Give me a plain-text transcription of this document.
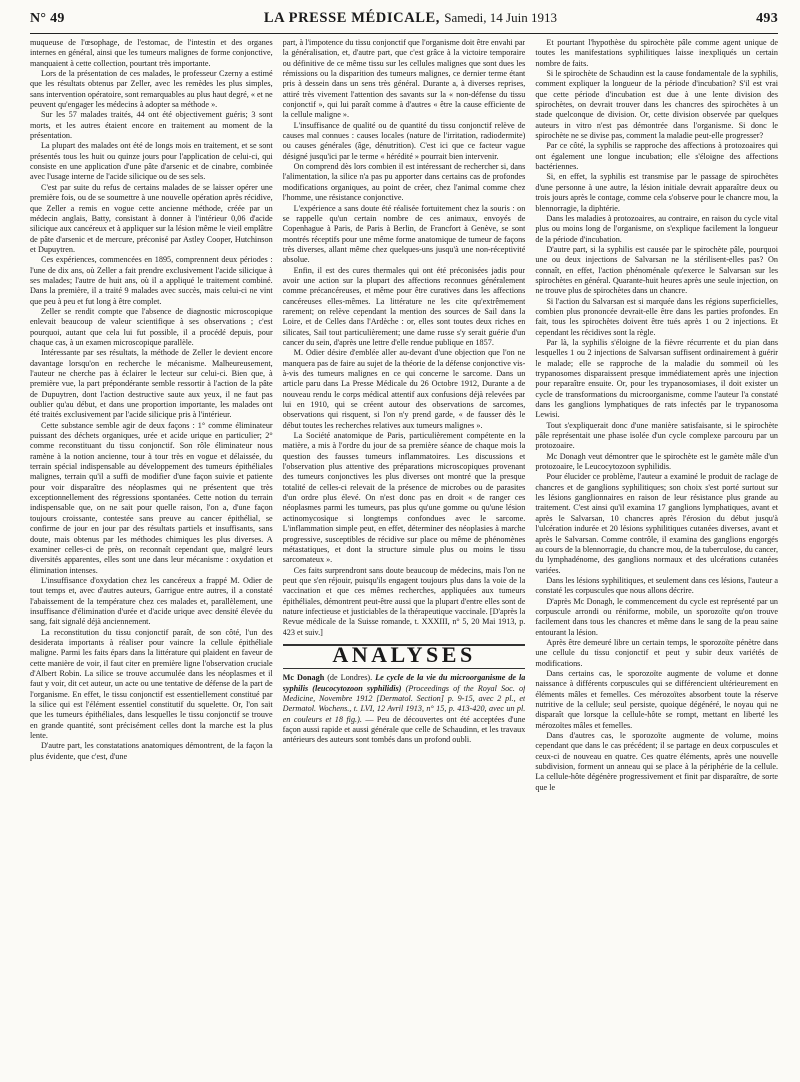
N° 49	LA PRESSE MÉDICALE, Samedi, 14 Juin 1913	493

muqueuse de l'œsophage, de l'estomac, de l'intestin et des organes internes en général, ainsi que les tumeurs malignes de forme conjonctive, manquaient à cette collection, pourtant très importante.

Lors de la présentation de ces malades, le professeur Czerny a estimé que les résultats obtenus par Zeller, avec les remèdes les plus simples, sans intervention opératoire, sont remarquables au plus haut degré, « et ne peuvent qu'engager les médecins à adopter sa méthode ».

Sur les 57 malades traités, 44 ont été objectivement guéris; 3 sont morts, et les autres étaient encore en traitement au moment de la présentation.

La plupart des malades ont été de longs mois en traitement, et se sont présentés tous les huit ou quinze jours pour l'application de celui-ci, qui consiste en une application d'une pâte d'arsenic et de cinabre, combinée avec l'usage interne de l'acide silicique ou de ses sels.

C'est par suite du refus de certains malades de se laisser opérer une première fois, ou de se soumettre à une nouvelle opération après récidive, que Zeller a remis en vogue cette ancienne méthode, créée par un médecin anglais, Batty, consistant à donner à l'intérieur 0,06 d'acide silicique aux cancéreux et à appliquer sur la lésion même le vieil emplâtre de pâte d'arsenic et de mercure, préconisé par Astley Cooper, Hutchinson et Dupuytren.

Ces expériences, commencées en 1895, comprennent deux périodes : l'une de dix ans, où Zeller a fait prendre exclusivement l'acide silicique à ses malades; l'autre de huit ans, où il a appliqué le traitement combiné. Dans la première, il a traité 9 malades avec succès, mais celui-ci ne vint que peu à peu et fut long à être complet.

Zeller se rendit compte que l'absence de diagnostic microscopique enlevait beaucoup de valeur scientifique à ses observations ; c'est pourquoi, autant que cela lui fut possible, il a procédé depuis, pour chaque cas, à un examen microscopique parallèle.

Intéressante par ses résultats, la méthode de Zeller le devient encore davantage lorsqu'on en recherche le mécanisme. Malheureusement, l'auteur ne cherche pas à éclairer le lecteur sur celui-ci. Bien que, à première vue, la part prépondérante semble ressortir à l'action de la pâte de Dupuytren, dont l'action destructive saute aux yeux, il ne faut pas oublier qu'au début, et dans une proportion importante, les malades ont été traités exclusivement par l'acide silicique pris à l'intérieur.

Cette substance semble agir de deux façons : 1° comme éliminateur puissant des déchets organiques, urée et acide urique en particulier; 2° comme reconstituant du tissu conjonctif. Son rôle éliminateur nous ramène à la notion ancienne, tour à tour très en vogue et délaissée, du terrain spécial indispensable au développement des tumeurs épithéliales malignes, terrain qu'il a suffi de modifier d'une façon suivie et patiente pour voir disparaître des néoplasmes qui ne présentent que très exceptionnellement des régressions spontanées. Cette notion du terrain indispensable que, on ne sait pour quelle raison, l'on a, d'une façon toujours croissante, contestée sans preuve au cancer épithélial, se confirme de jour en jour par des résultats partiels et insuffisants, sans doute, mais obtenus par les méthodes chimiques les plus diverses. A examiner celles-ci de près, on reconnaît cependant que, malgré leurs diversités apparentes, elles sont une dans leur mécanisme : oxydation et élimination intenses.

L'insuffisance d'oxydation chez les cancéreux a frappé M. Odier de tout temps et, avec d'autres auteurs, Garrigue entre autres, il a constaté l'abaissement de la température chez ces malades et, parallèlement, une insuffisance d'élimination d'urée et d'acide urique avec densité élevée du sang, fait signalé déjà anciennement.

La reconstitution du tissu conjonctif paraît, de son côté, l'un des desiderata importants à réaliser pour vaincre la cellule épithéliale maligne. Parmi les faits épars dans la littérature qui plaident en faveur de cette manière de voir, il faut citer en première ligne l'observation cruciale d'Albert Robin. La silice se trouve accumulée dans les néoplasmes et il faut y voir, dit cet auteur, un acte ou une tentative de défense de la part de l'organisme. En effet, le tissu conjonctif est essentiellement constitué par la silice qui est l'élément essentiel constitutif du squelette. Or, l'on sait que les tumeurs épithéliales, dans lesquelles le tissu conjonctif se trouve en grande quantité, sont précisément celles dont la marche est la plus lente.

D'autre part, les constatations anatomiques démontrent, de la façon la plus évidente, que c'est, d'une

part, à l'impotence du tissu conjonctif que l'organisme doit être envahi par la généralisation, et, d'autre part, que c'est grâce à la victoire temporaire ou définitive de ce même tissu sur les cellules malignes que sont dues les rémissions ou la disparition des tumeurs malignes, ce dernier terme étant pris à dessein dans un sens très général. Durante a, à diverses reprises, attiré très vivement l'attention des savants sur la « non-défense du tissu conjonctif », qui lui paraît comme à d'autres « être la cause efficiente de la cellule maligne ».

L'insuffisance de qualité ou de quantité du tissu conjonctif relève de causes mal connues : causes locales (nature de l'irritation, radiodermite) ou causes générales (âge, dénutrition). C'est ici que ce facteur vague désigné jusqu'ici par le terme « hérédité » pourrait bien intervenir.

On comprend dès lors combien il est intéressant de rechercher si, dans l'alimentation, la silice n'a pas pu apporter dans certains cas de profondes modifications organiques, au point de créer, chez l'animal comme chez l'homme, une résistance conjonctive.

L'expérience a sans doute été réalisée fortuitement chez la souris : on se rappelle qu'un certain nombre de ces animaux, envoyés de Copenhague à Paris, de Paris à Berlin, de Francfort à Genève, se sont montrés réceptifs pour une même forme anatomique de tumeur de façons très diverses, allant même chez quelques-uns jusqu'à une non-réceptivité absolue.

Enfin, il est des cures thermales qui ont été préconisées jadis pour avoir une action sur la plupart des affections reconnues généralement comme précancéreuses, et même pour être curatives dans les affections cancéreuses elles-mêmes. La littérature ne les cite qu'extrêmement rarement; on relève cependant la mention des sources de Sail dans la Loire, et de Celles dans l'Ardèche : or, elles sont toutes deux riches en silicates, Sail tout particulièrement; une dame russe s'y serait guérie d'un cancer du sein, d'après une lettre d'elle rendue publique en 1857.

M. Odier désire d'emblée aller au-devant d'une objection que l'on ne manquera pas de faire au sujet de la théorie de la défense conjonctive vis-à-vis des tumeurs malignes en ce qui concerne le sarcome. Dans un article paru dans La Presse Médicale du 26 Octobre 1912, Durante a de nouveau rendu le corps médical attentif aux confusions déjà relevées par lui en 1910, qui se créent autour des observations de sarcomes, observations qui risquent, si l'on n'y prend garde, « de fausser dès le début toutes les recherches relatives aux tumeurs malignes ».

La Société anatomique de Paris, particulièrement compétente en la matière, a mis à l'ordre du jour de sa première séance de chaque mois la question des fausses tumeurs inflammatoires. Les discussions et l'observation plus attentive des préparations microscopiques provenant des tumeurs conjonctives les plus diverses ont montré que la presque totalité de celles-ci relevait de la présence de microbes ou de parasites d'un ordre plus élevé. On n'est donc pas en droit « de ranger ces néoplasmes parmi les tumeurs, pas plus qu'une gomme ou qu'une lésion actinomycosique si longtemps confondues avec le sarcome. L'inflammation simple peut, en effet, déterminer des néoplasies à marche progressive, susceptibles de récidive sur place ou même de phénomènes métastatiques, et dont la structure simule plus ou moins le tissu sarcomateux ».

Ces faits surprendront sans doute beaucoup de médecins, mais l'on ne peut que s'en réjouir, puisqu'ils engagent toujours plus dans la voie de la vaccination et que ces mêmes recherches, appliquées aux tumeurs épithéliales, démontrent peut-être aussi que la plupart d'entre elles sont de nature infectieuse et justiciables de la thérapeutique vaccinale. [D'après la Revue médicale de la Suisse romande, t. XXXIII, n° 5, 20 Mai 1913, p. 423 et suiv.]

ANALYSES

Mc Donagh (de Londres). Le cycle de la vie du microorganisme de la syphilis (leucocytozoon syphilidis) (Proceedings of the Royal Soc. of Medicine, Novembre 1912 [Dermatol. Section] p. 9-15, avec 2 pl., et Dermatol. Wochens., t. LVI, 12 Avril 1913, n° 15, p. 413-420, avec un pl. en couleurs et 18 fig.). — Peu de découvertes ont été acceptées d'une façon aussi rapide et aussi générale que celle de Schaudinn, et les travaux antérieurs des auteurs sont tombés dans un profond oubli.

Et pourtant l'hypothèse du spirochète pâle comme agent unique de toutes les manifestations syphilitiques laisse inexpliqués un certain nombre de faits.

Si le spirochète de Schaudinn est la cause fondamentale de la syphilis, comment expliquer la longueur de la période d'incubation? S'il est vrai que cette période d'incubation est due à une lente division des spirochètes, on devrait trouver dans les chancres des spirochètes à un stade quelconque de division. Or, cette division observée par quelques auteurs in vitro n'est pas démontrée dans l'organisme. Si donc le spirochète ne se divise pas, comment la maladie peut-elle progresser?

Par ce côté, la syphilis se rapproche des affections à protozoaires qui ont également une longue incubation; elle s'éloigne des affections bactériennes.

Si, en effet, la syphilis est transmise par le passage de spirochètes d'une personne à une autre, la lésion initiale devrait apparaître deux ou trois jours après le contage, comme cela s'observe pour le chancre mou, la blennorragie, la diphtérie.

Dans les maladies à protozoaires, au contraire, en raison du cycle vital plus ou moins long de l'organisme, on s'explique facilement la longueur de la période d'incubation.

D'autre part, si la syphilis est causée par le spirochète pâle, pourquoi une ou deux injections de Salvarsan ne la stérilisent-elles pas? On connaît, en effet, l'action phénoménale qu'exerce le Salvarsan sur les spirochètes en général. Quarante-huit heures après une seule injection, on ne trouve plus de spirochètes dans un chancre.

Si l'action du Salvarsan est si marquée dans les régions superficielles, combien plus prononcée devrait-elle être dans les parties profondes. En fait, tous les spirochètes doivent être tués après 1 ou 2 injections. Et cependant les récidives sont la règle.

Par là, la syphilis s'éloigne de la fièvre récurrente et du pian dans lesquelles 1 ou 2 injections de Salvarsan suffisent ordinairement à guérir le malade; elle se rapproche de la maladie du sommeil où les trypanosomes disparaissent presque immédiatement après une injection pour reparaître ensuite. Or, pour les trypanosomiases, il doit exister un cycle de transformations du microorganisme, comme l'auteur l'a constaté dans les ganglions lymphatiques de rats infectés par le trypanosoma Lewisi.

Tout s'expliquerait donc d'une manière satisfaisante, si le spirochète pâle représentait une phase isolée d'un cycle complexe parcouru par un protozoaire.

Mc Donagh veut démontrer que le spirochète est le gamète mâle d'un protozoaire, le Leucocytozoon syphilidis.

Pour élucider ce problème, l'auteur a examiné le produit de raclage de chancres et de ganglions syphilitiques; son choix s'est porté surtout sur les lésions ganglionnaires en raison de leur résistance plus grande au traitement. C'est ainsi qu'il examina 17 ganglions lymphatiques, avant et après le Salvarsan, 10 chancres après l'érosion du début jusqu'à l'ulcération indurée et 20 lésions syphilitiques cutanées diverses, avant et après le Salvarsan. Comme contrôle, il examina des ganglions engorgés au cours de la blennorragie, du chancre mou, de la tuberculose, du cancer, du lymphadénome, des ganglions normaux et des ulcérations cutanées variées.

Dans les lésions syphilitiques, et seulement dans ces lésions, l'auteur a constaté les corpuscules que nous allons décrire.

D'après Mc Donagh, le commencement du cycle est représenté par un corpuscule arrondi ou réniforme, mobile, un sporozoïte qu'on trouve facilement dans tous les chancres et même dans le sang de la peau saine entourant la lésion.

Après être demeuré libre un certain temps, le sporozoïte pénètre dans une cellule du tissu conjonctif et peut y subir deux variétés de modifications.

Dans certains cas, le sporozoïte augmente de volume et donne naissance à différents corpuscules qui se différencient ultérieurement en éléments mâles et femelles. Ces mérozoïtes absorbent toute la réserve nutritive de la cellule; seul persiste, quoique dégénéré, le noyau qui ne disparaît que lorsque la cellule-hôte se rompt, mettant en liberté les mérozoïtes mâles et femelles.

Dans d'autres cas, le sporozoïte augmente de volume, moins cependant que dans le cas précédent; il se partage en deux corpuscules et ceux-ci de nouveau en quatre. Ces quatre éléments, après une nouvelle subdivision, forment un anneau qui se place à la périphérie de la cellule. La cellule-hôte dégénère progressivement et finit par disparaître, de sorte que le
